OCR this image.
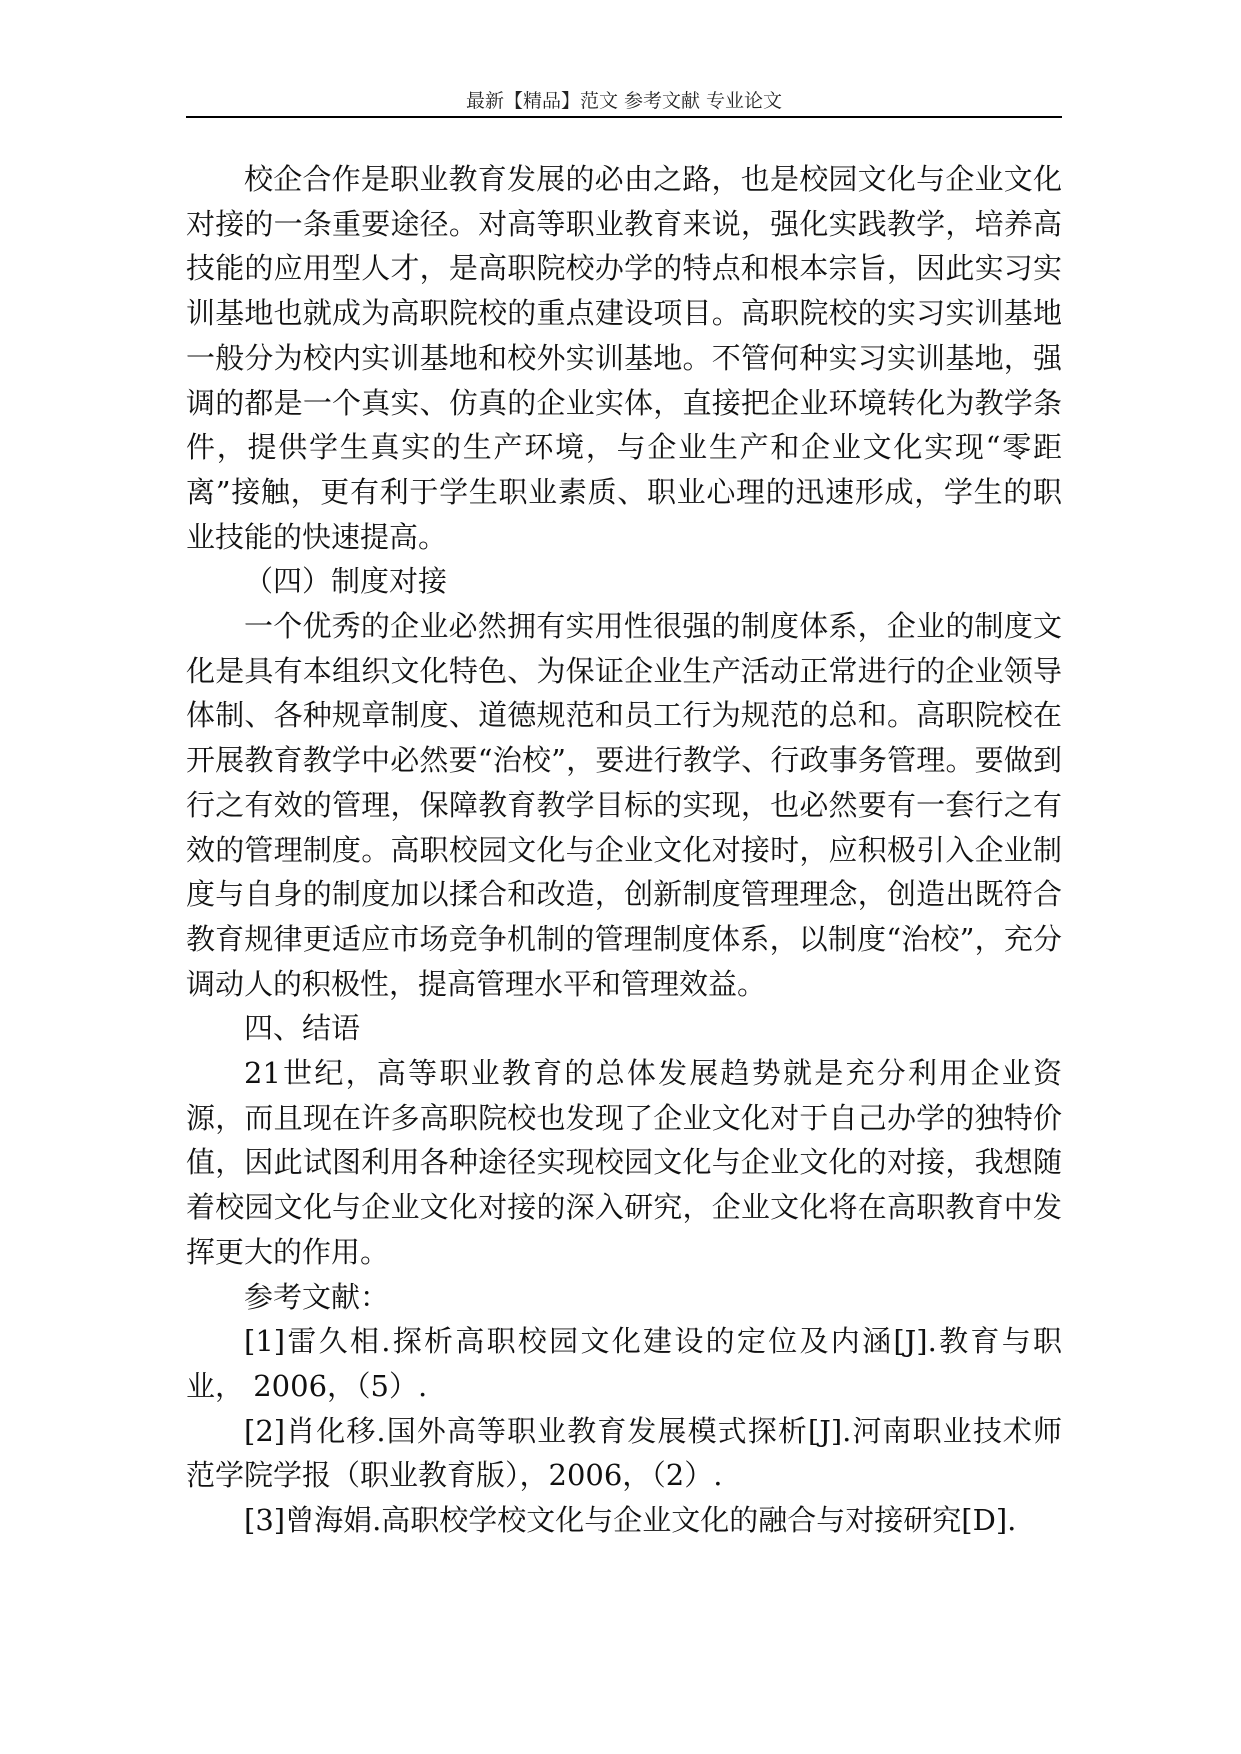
最新【精品】范文 参考文献 专业论文

校企合作是职业教育发展的必由之路，也是校园文化与企业文化对接的一条重要途径。对高等职业教育来说，强化实践教学，培养高技能的应用型人才，是高职院校办学的特点和根本宗旨，因此实习实训基地也就成为高职院校的重点建设项目。高职院校的实习实训基地一般分为校内实训基地和校外实训基地。不管何种实习实训基地，强调的都是一个真实、仿真的企业实体，直接把企业环境转化为教学条件，提供学生真实的生产环境，与企业生产和企业文化实现“零距离”接触，更有利于学生职业素质、职业心理的迅速形成，学生的职业技能的快速提高。

（四）制度对接

一个优秀的企业必然拥有实用性很强的制度体系，企业的制度文化是具有本组织文化特色、为保证企业生产活动正常进行的企业领导体制、各种规章制度、道德规范和员工行为规范的总和。高职院校在开展教育教学中必然要“治校”，要进行教学、行政事务管理。要做到行之有效的管理，保障教育教学目标的实现，也必然要有一套行之有效的管理制度。高职校园文化与企业文化对接时，应积极引入企业制度与自身的制度加以揉合和改造，创新制度管理理念，创造出既符合教育规律更适应市场竞争机制的管理制度体系，以制度“治校”，充分调动人的积极性，提高管理水平和管理效益。

四、结语

21世纪，高等职业教育的总体发展趋势就是充分利用企业资源，而且现在许多高职院校也发现了企业文化对于自己办学的独特价值，因此试图利用各种途径实现校园文化与企业文化的对接，我想随着校园文化与企业文化对接的深入研究，企业文化将在高职教育中发挥更大的作用。

参考文献：

[1]雷久相.探析高职校园文化建设的定位及内涵[J].教育与职业， 2006，（5）.

[2]肖化移.国外高等职业教育发展模式探析[J].河南职业技术师范学院学报（职业教育版），2006，（2）.

[3]曾海娟.高职校学校文化与企业文化的融合与对接研究[D].
